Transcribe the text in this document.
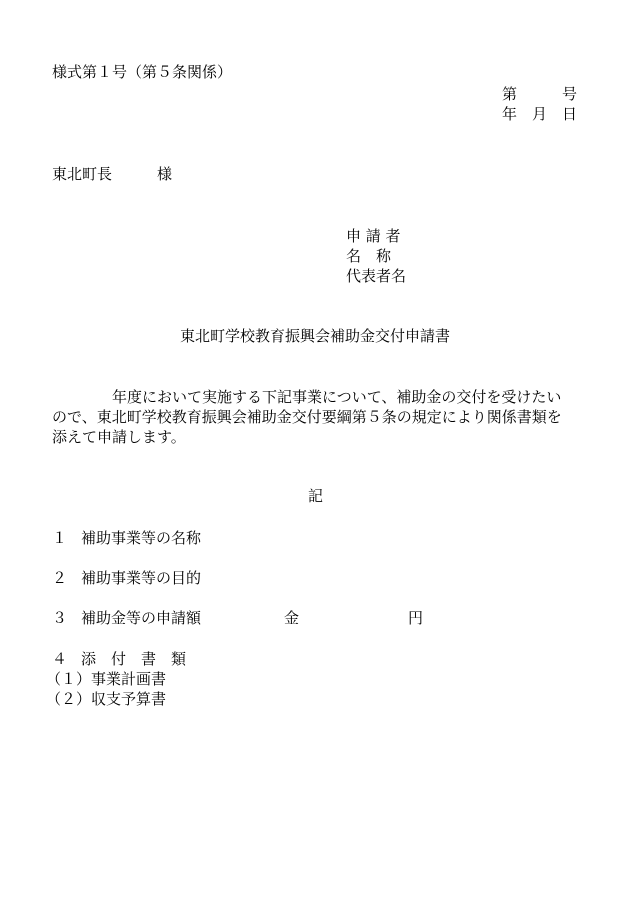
様式第１号（第５条関係）
第　　　号
年　月　日
東北町長　　　様
申 請 者
名　称
代表者名
東北町学校教育振興会補助金交付申請書
　　　　年度において実施する下記事業について、補助金の交付を受けたい
ので、東北町学校教育振興会補助金交付要綱第５条の規定により関係書類を
添えて申請します。
記
１ 補助事業等の名称
２ 補助事業等の目的
３ 補助金等の申請額	金	円
４ 添　付　書　類
（１）事業計画書
（２）収支予算書
